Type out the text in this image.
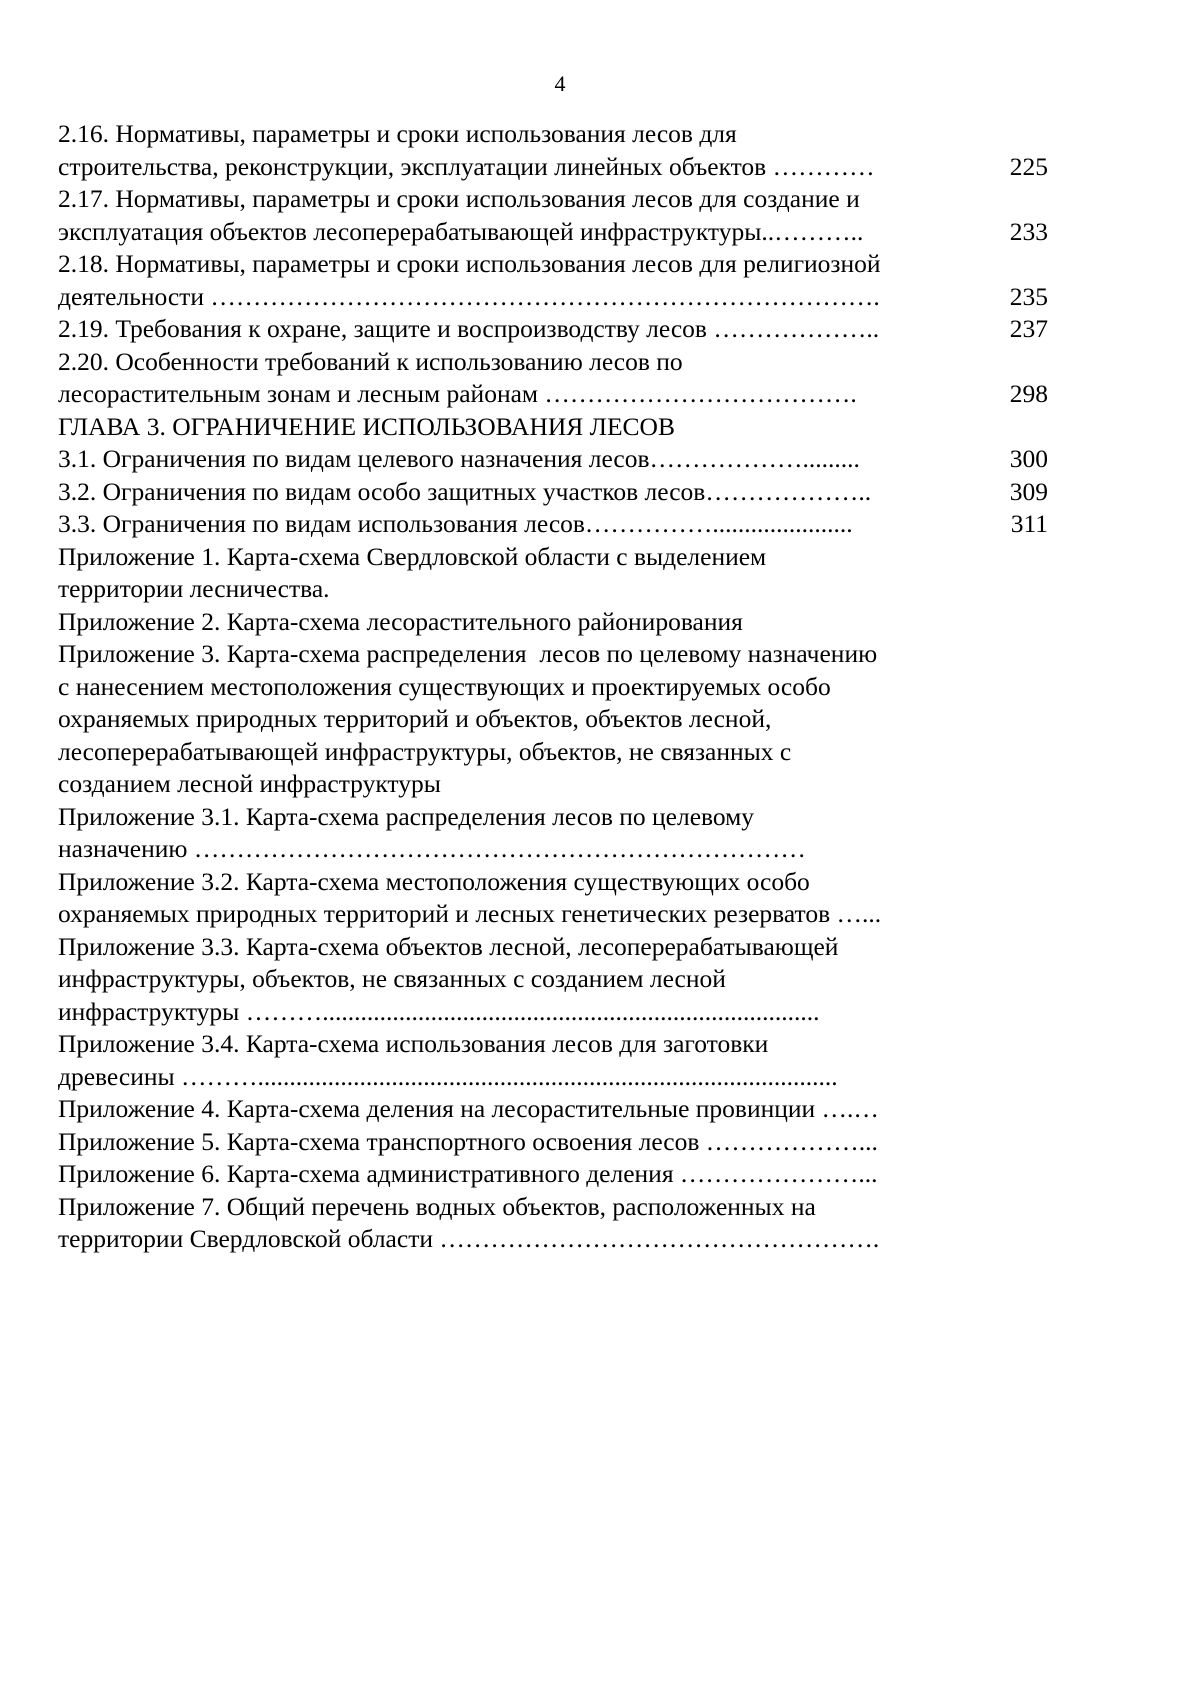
4
2.16. Нормативы, параметры и сроки использования лесов для
строительства, реконструкции, эксплуатации линейных объектов …………	225
2.17. Нормативы, параметры и сроки использования лесов для создание и
эксплуатация объектов лесоперерабатывающей инфраструктуры..………..	233
2.18. Нормативы, параметры и сроки использования лесов для религиозной
деятельности …………………………………………………………………….	235
2.19. Требования к охране, защите и воспроизводству лесов ………………..	237
2.20. Особенности требований к использованию лесов по
лесорастительным зонам и лесным районам ……………………………….	298
ГЛАВА 3. ОГРАНИЧЕНИЕ ИСПОЛЬЗОВАНИЯ ЛЕСОВ
3.1. Ограничения по видам целевого назначения лесов……………….........	300
3.2. Ограничения по видам особо защитных участков лесов………………..	309
3.3. Ограничения по видам использования лесов……………......................	311
Приложение 1. Карта-схема Свердловской области с выделением
территории лесничества.
Приложение 2. Карта-схема лесорастительного районирования
Приложение 3. Карта-схема распределения  лесов по целевому назначению
с нанесением местоположения существующих и проектируемых особо
охраняемых природных территорий и объектов, объектов лесной,
лесоперерабатывающей инфраструктуры, объектов, не связанных с
созданием лесной инфраструктуры
Приложение 3.1. Карта-схема распределения лесов по целевому
назначению ………………………………………………………………
Приложение 3.2. Карта-схема местоположения существующих особо
охраняемых природных территорий и лесных генетических резерватов …...
Приложение 3.3. Карта-схема объектов лесной, лесоперерабатывающей
инфраструктуры, объектов, не связанных с созданием лесной
инфраструктуры ………..............................................................................
Приложение 3.4. Карта-схема использования лесов для заготовки
древесины ………...........................................................................................
Приложение 4. Карта-схема деления на лесорастительные провинции ….…
Приложение 5. Карта-схема транспортного освоения лесов ………………...
Приложение 6. Карта-схема административного деления …………………...
Приложение 7. Общий перечень водных объектов, расположенных на
территории Свердловской области …………………………………………….
